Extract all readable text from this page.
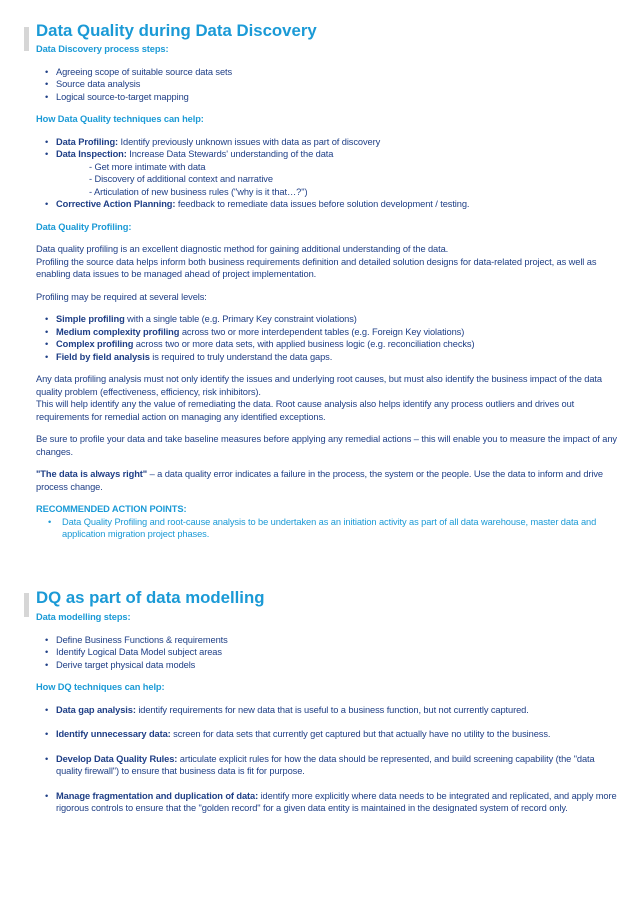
Data Quality during Data Discovery

Data Discovery process steps:

• Agreeing scope of suitable source data sets
• Source data analysis
• Logical source-to-target mapping

How Data Quality techniques can help:

• Data Profiling: Identify previously unknown issues with data as part of discovery
• Data Inspection: Increase Data Stewards' understanding of the data

- Get more intimate with data

- Discovery of additional context and narrative

- Articulation of new business rules ("why is it that…?")

• Corrective Action Planning: feedback to remediate data issues before solution development / testing.

Data Quality Profiling:

Data quality profiling is an excellent diagnostic method for gaining additional understanding of the data.

Profiling the source data helps inform both business requirements definition and detailed solution designs for data-related project, as well as enabling data issues to be managed ahead of project implementation.

Profiling may be required at several levels:

• Simple profiling with a single table (e.g. Primary Key constraint violations)
• Medium complexity profiling across two or more interdependent tables (e.g. Foreign Key violations)
• Complex profiling across two or more data sets, with applied business logic (e.g. reconciliation checks)
• Field by field analysis is required to truly understand the data gaps.

Any data profiling analysis must not only identify the issues and underlying root causes, but must also identify the business impact of the data quality problem (effectiveness, efficiency, risk inhibitors).

This will help identify any the value of remediating the data. Root cause analysis also helps identify any process outliers and drives out requirements for remedial action on managing any identified exceptions.

Be sure to profile your data and take baseline measures before applying any remedial actions – this will enable you to measure the impact of any changes.

"The data is always right" – a data quality error indicates a failure in the process, the system or the people. Use the data to inform and drive process change.

RECOMMENDED ACTION POINTS:

• Data Quality Profiling and root-cause analysis to be undertaken as an initiation activity as part of all data warehouse, master data and application migration project phases.
DQ as part of data modelling

Data modelling steps:

• Define Business Functions & requirements
• Identify Logical Data Model subject areas
• Derive target physical data models

How DQ techniques can help:

• Data gap analysis: identify requirements for new data that is useful to a business function, but not currently captured.
• Identify unnecessary data: screen for data sets that currently get captured but that actually have no utility to the business.
• Develop Data Quality Rules: articulate explicit rules for how the data should be represented, and build screening capability (the "data quality firewall") to ensure that business data is fit for purpose.
• Manage fragmentation and duplication of data: identify more explicitly where data needs to be integrated and replicated, and apply more rigorous controls to ensure that the "golden record" for a given data entity is maintained in the designated system of record only.
